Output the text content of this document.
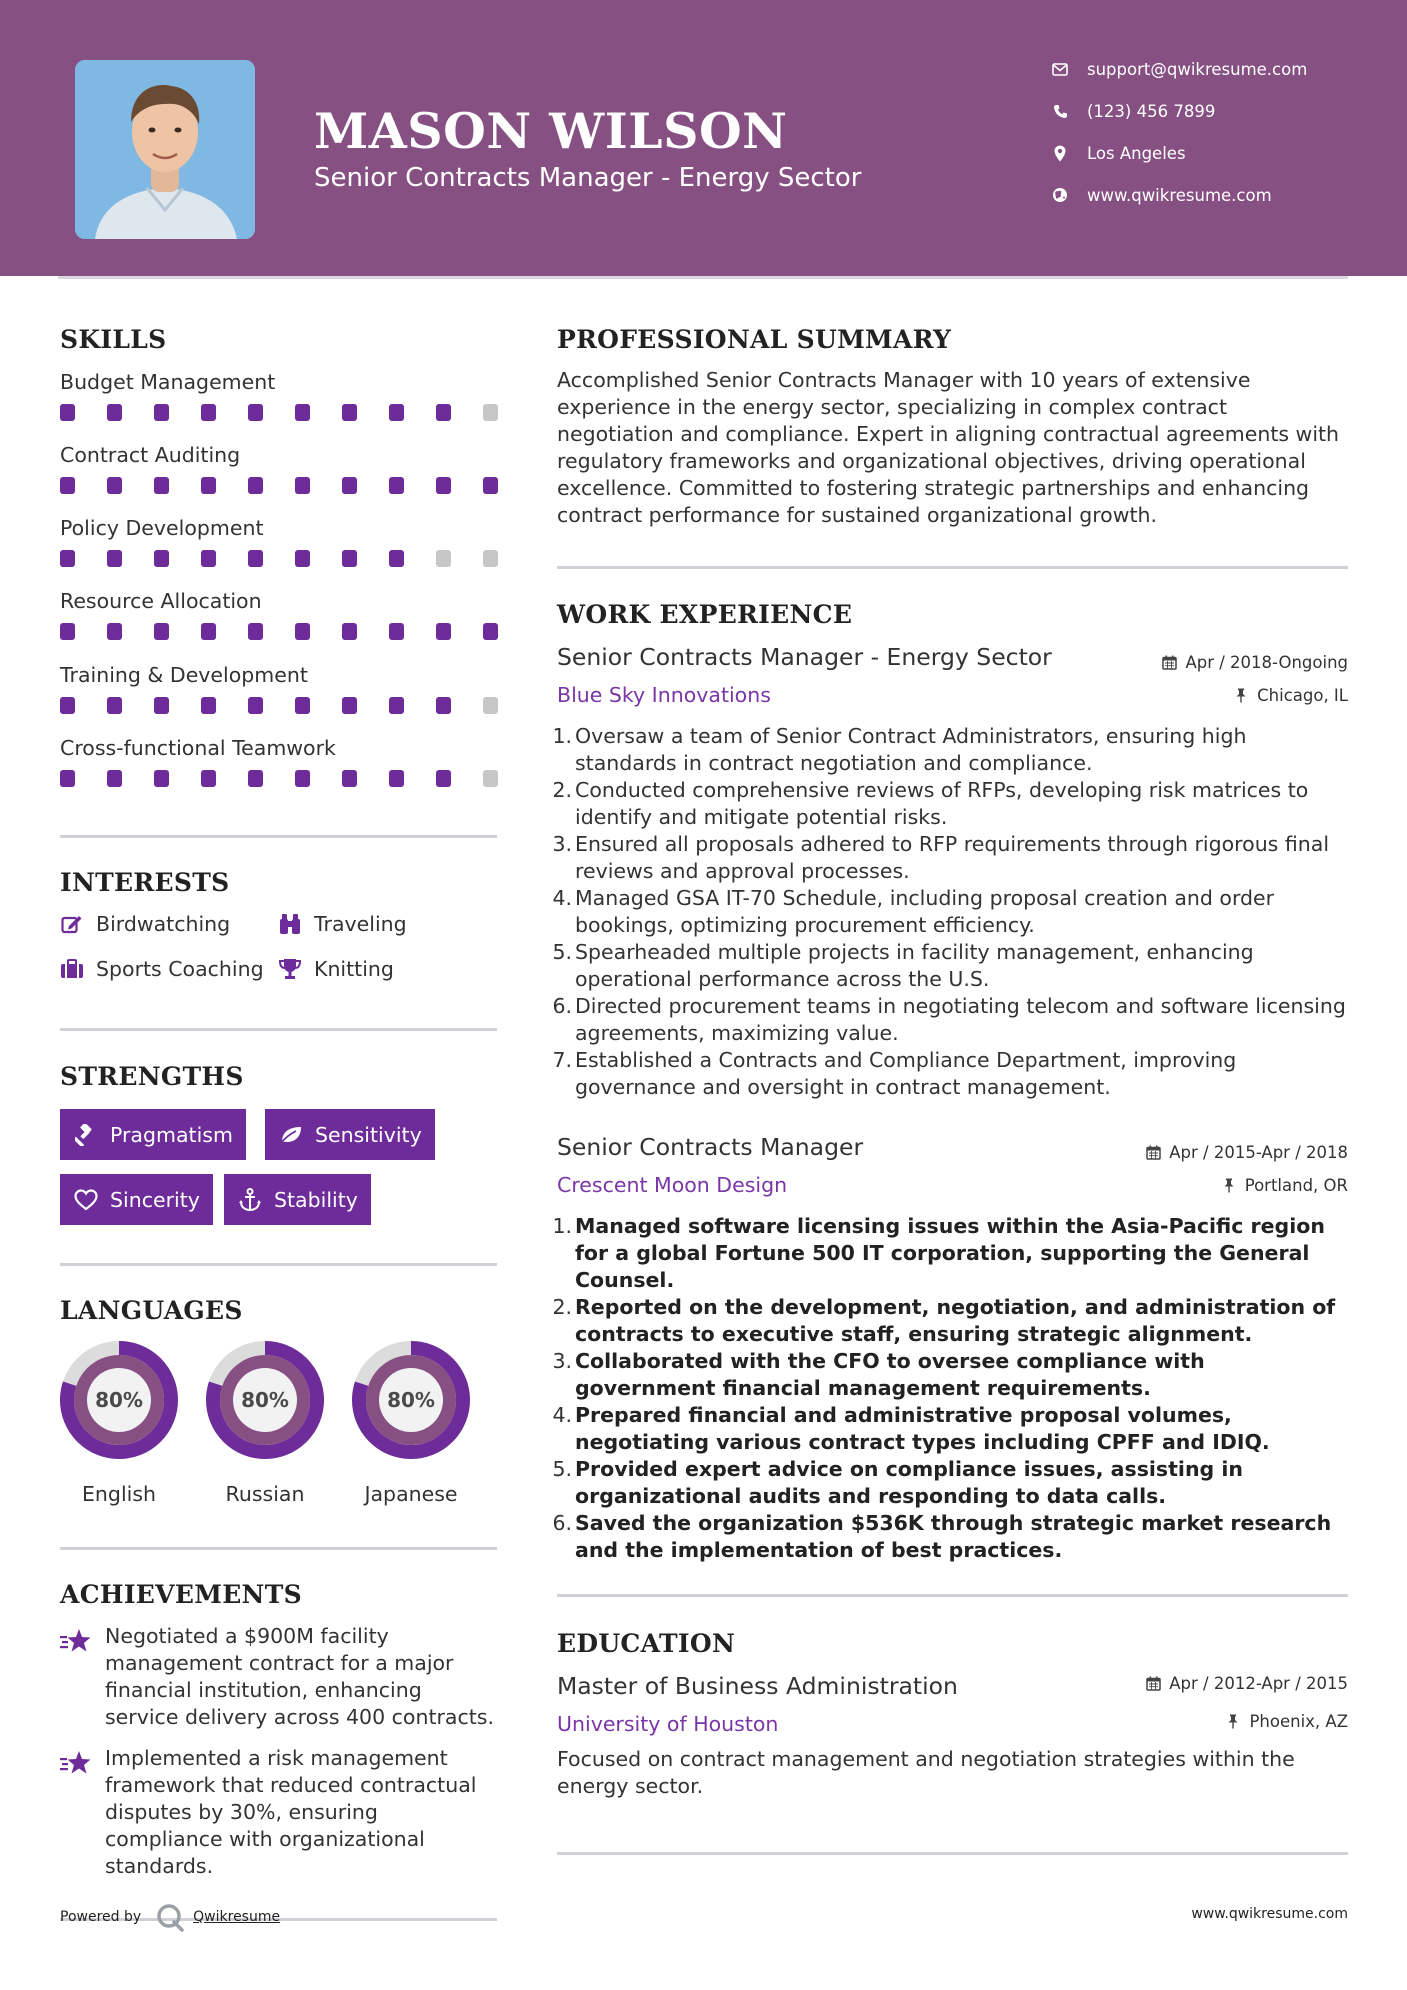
MASON WILSON
Senior Contracts Manager - Energy Sector
support@qwikresume.com
(123) 456 7899
Los Angeles
www.qwikresume.com
SKILLS
Budget Management
Contract Auditing
Policy Development
Resource Allocation
Training & Development
Cross-functional Teamwork
INTERESTS
Birdwatching	Traveling
Sports Coaching Knitting
STRENGTHS
Pragmatism	Sensitivity
Sincerity	Stability
LANGUAGES
80%
English
80%
Russian
80%
Japanese
ACHIEVEMENTS
Negotiated a $900M facility management contract for a major financial institution, enhancing service delivery across 400 contracts.
Implemented a risk management framework that reduced contractual disputes by 30%, ensuring compliance with organizational standards.
PROFESSIONAL SUMMARY
Accomplished Senior Contracts Manager with 10 years of extensive experience in the energy sector, specializing in complex contract negotiation and compliance. Expert in aligning contractual agreements with regulatory frameworks and organizational objectives, driving operational excellence. Committed to fostering strategic partnerships and enhancing contract performance for sustained organizational growth.
WORK EXPERIENCE
Senior Contracts Manager - Energy Sector	Apr / 2018-Ongoing
Blue Sky Innovations	Chicago, IL
1. Oversaw a team of Senior Contract Administrators, ensuring high standards in contract negotiation and compliance.
2. Conducted comprehensive reviews of RFPs, developing risk matrices to identify and mitigate potential risks.
3. Ensured all proposals adhered to RFP requirements through rigorous final reviews and approval processes.
4. Managed GSA IT-70 Schedule, including proposal creation and order bookings, optimizing procurement efficiency.
5. Spearheaded multiple projects in facility management, enhancing operational performance across the U.S.
6. Directed procurement teams in negotiating telecom and software licensing agreements, maximizing value.
7. Established a Contracts and Compliance Department, improving governance and oversight in contract management.
Senior Contracts Manager	Apr / 2015-Apr / 2018
Crescent Moon Design	Portland, OR
1. Managed software licensing issues within the Asia-Pacific region for a global Fortune 500 IT corporation, supporting the General Counsel.
2. Reported on the development, negotiation, and administration of contracts to executive staff, ensuring strategic alignment.
3. Collaborated with the CFO to oversee compliance with government financial management requirements.
4. Prepared financial and administrative proposal volumes, negotiating various contract types including CPFF and IDIQ.
5. Provided expert advice on compliance issues, assisting in organizational audits and responding to data calls.
6. Saved the organization $536K through strategic market research and the implementation of best practices.
EDUCATION
Master of Business Administration	Apr / 2012-Apr / 2015
University of Houston	Phoenix, AZ
Focused on contract management and negotiation strategies within the energy sector.
Powered by	Qwikresume	www.qwikresume.com
